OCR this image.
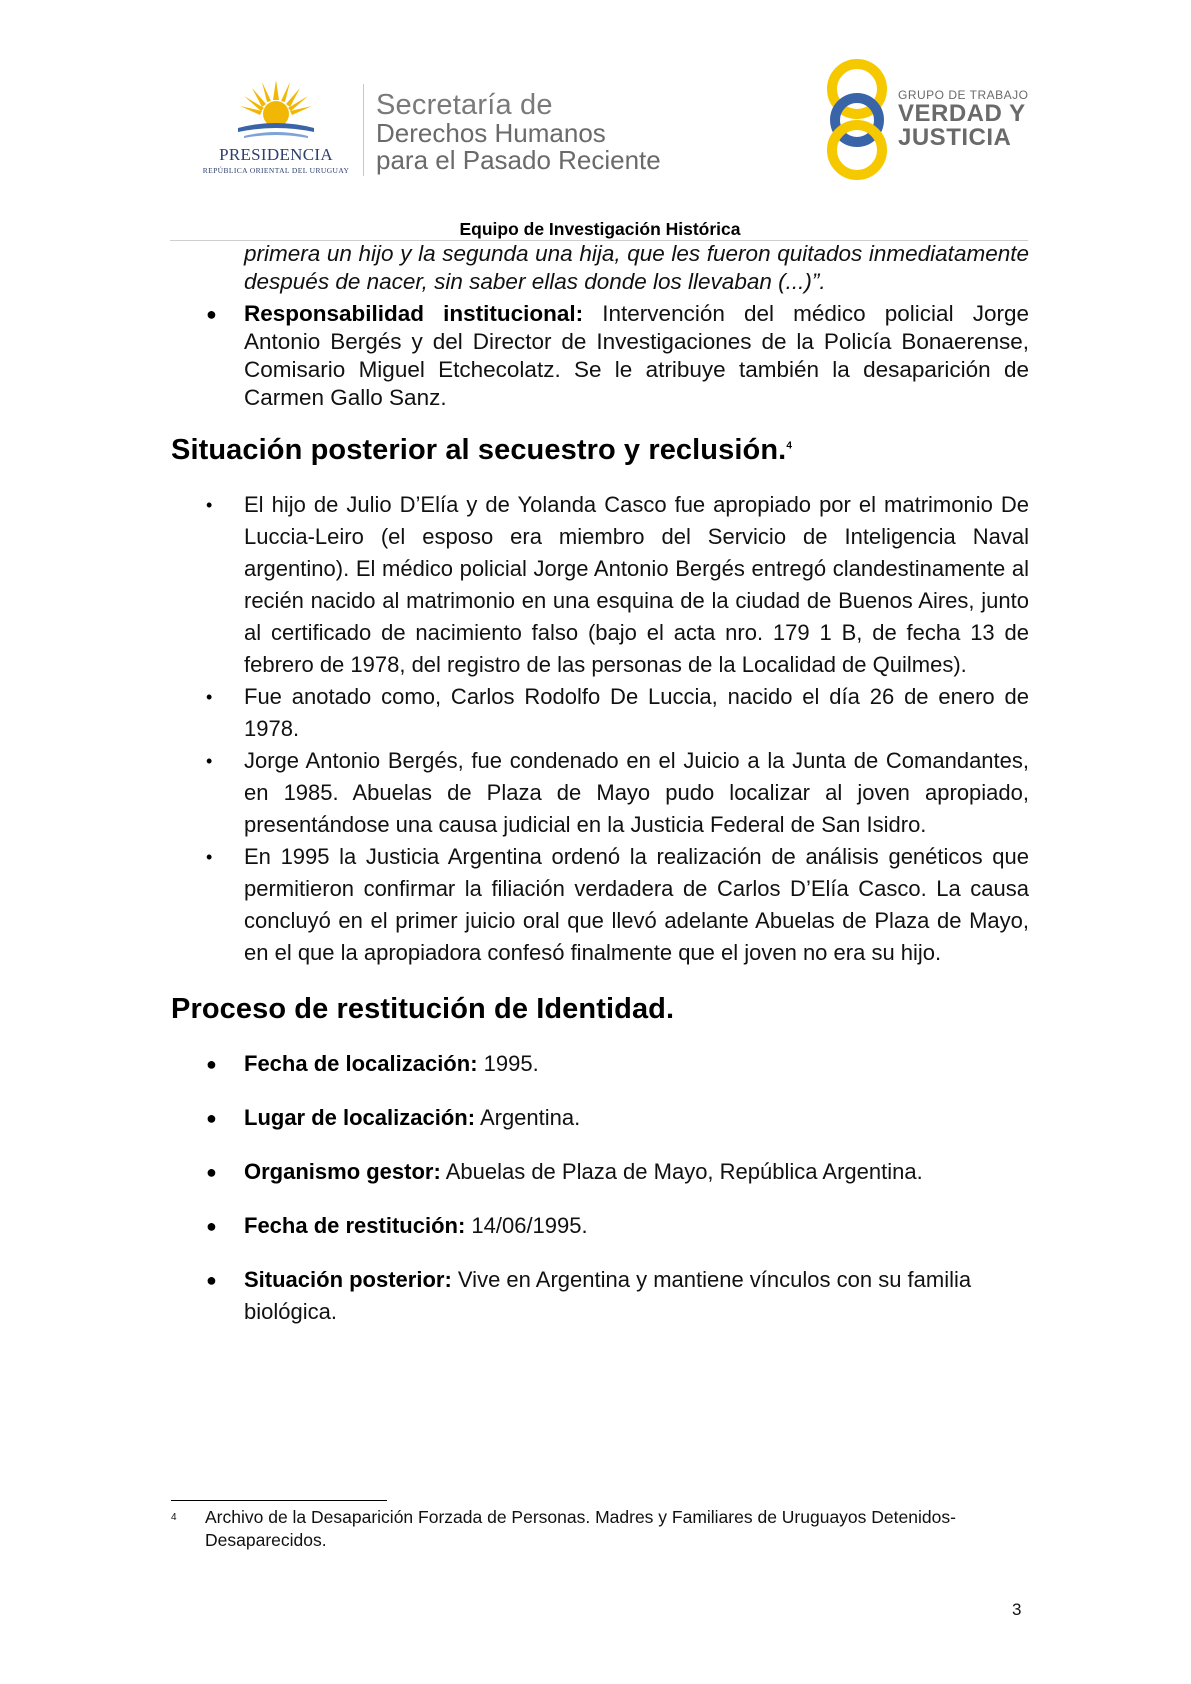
PRESIDENCIA
REPÚBLICA ORIENTAL DEL URUGUAY
Secretaría de
Derechos Humanos
para el Pasado Reciente
GRUPO DE TRABAJO
VERDAD Y
JUSTICIA
Equipo de Investigación Histórica

primera un hijo y la segunda una hija, que les fueron quitados inmediatamente después de nacer, sin saber ellas donde los llevaban (...)”.

● Responsabilidad institucional: Intervención del médico policial Jorge Antonio Bergés y del Director de Investigaciones de la Policía Bonaerense, Comisario Miguel Etchecolatz. Se le atribuye también la desaparición de Carmen Gallo Sanz.
Situación posterior al secuestro y reclusión.$^4$
• El hijo de Julio D’Elía y de Yolanda Casco fue apropiado por el matrimonio De Luccia-Leiro (el esposo era miembro del Servicio de Inteligencia Naval argentino). El médico policial Jorge Antonio Bergés entregó clandestinamente al recién nacido al matrimonio en una esquina de la ciudad de Buenos Aires, junto al certificado de nacimiento falso (bajo el acta nro. 179 1 B, de fecha 13 de febrero de 1978, del registro de las personas de la Localidad de Quilmes).
• Fue anotado como, Carlos Rodolfo De Luccia, nacido el día 26 de enero de 1978.
• Jorge Antonio Bergés, fue condenado en el Juicio a la Junta de Comandantes, en 1985. Abuelas de Plaza de Mayo pudo localizar al joven apropiado, presentándose una causa judicial en la Justicia Federal de San Isidro.
• En 1995 la Justicia Argentina ordenó la realización de análisis genéticos que permitieron confirmar la filiación verdadera de Carlos D’Elía Casco. La causa concluyó en el primer juicio oral que llevó adelante Abuelas de Plaza de Mayo, en el que la apropiadora confesó finalmente que el joven no era su hijo.
Proceso de restitución de Identidad.
● Fecha de localización: 1995.
● Lugar de localización: Argentina.
● Organismo gestor: Abuelas de Plaza de Mayo, República Argentina.
● Fecha de restitución: 14/06/1995.
● Situación posterior: Vive en Argentina y mantiene vínculos con su familia biológica.
4 Archivo de la Desaparición Forzada de Personas. Madres y Familiares de Uruguayos Detenidos-Desaparecidos.
3
